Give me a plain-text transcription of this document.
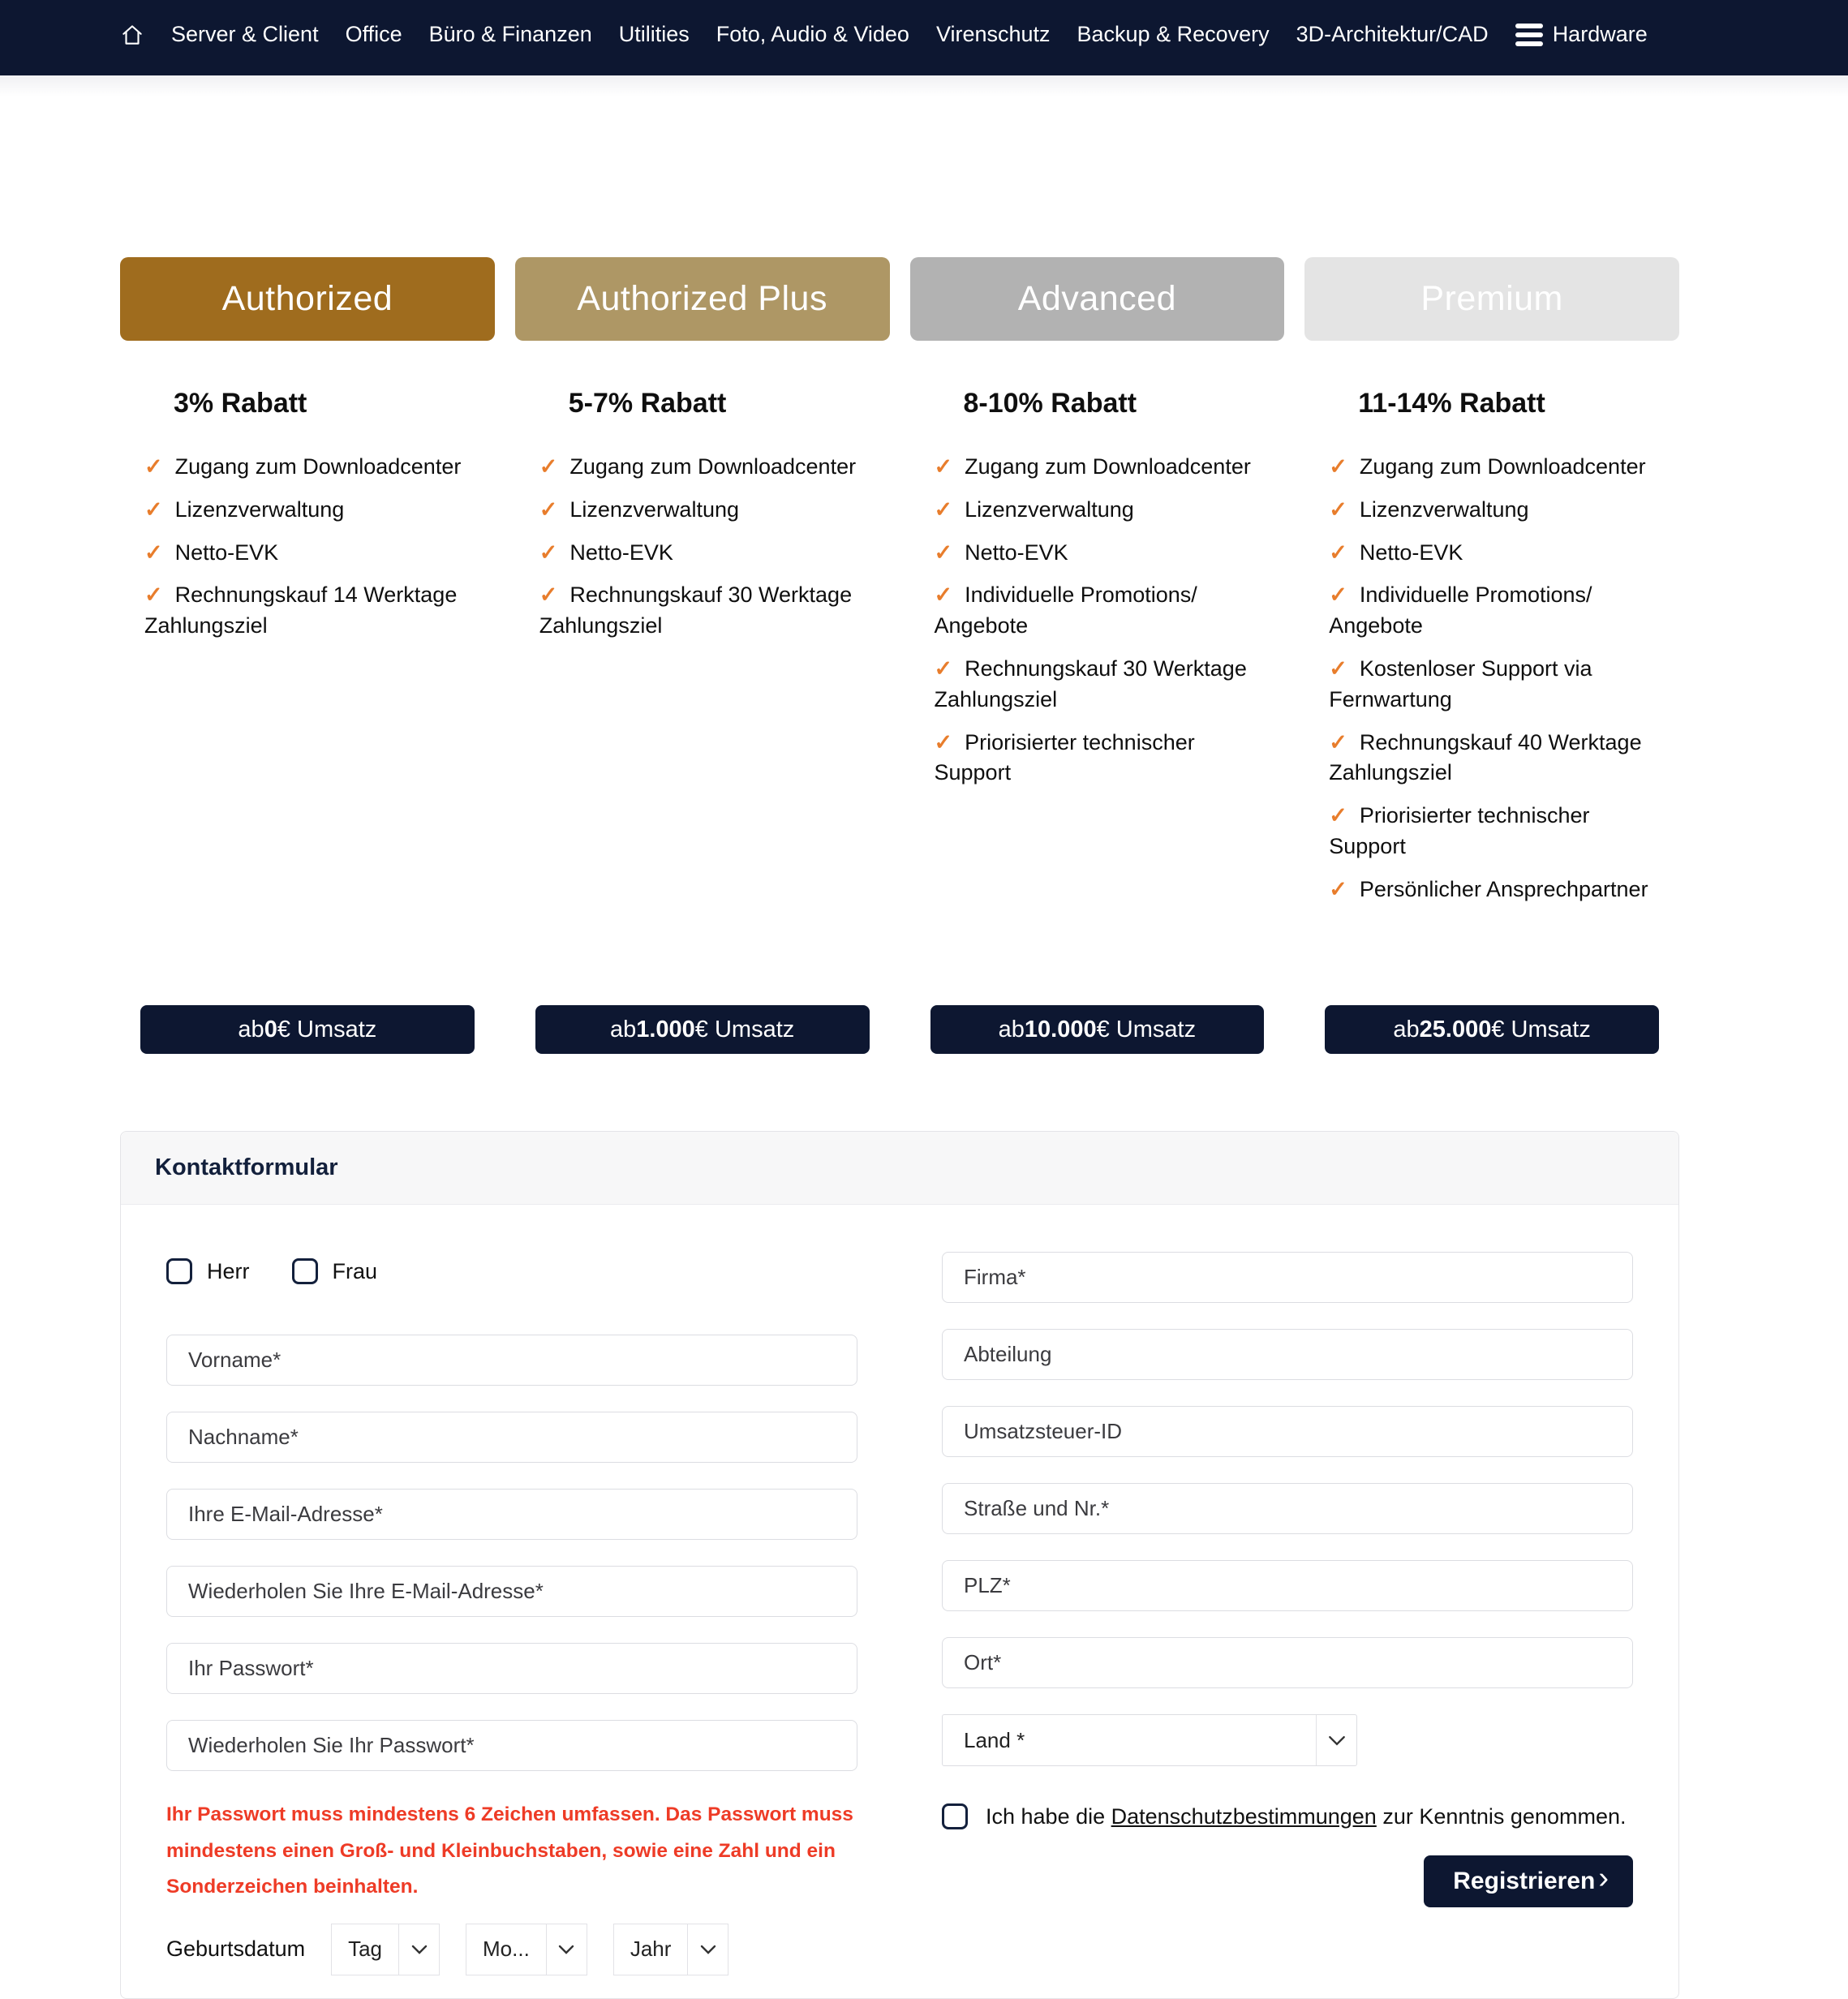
Server & Client Office Büro & Finanzen Utilities Foto, Audio & Video Virenschutz Backup & Recovery 3D-Architektur/CAD	Hardware
Authorized
3% Rabatt
✓ Zugang zum Downloadcenter
✓ Lizenzverwaltung
✓ Netto-EVK
✓ Rechnungskauf 14 Werktage Zahlungsziel
ab 0 € Umsatz
Authorized Plus
5-7% Rabatt
✓ Zugang zum Downloadcenter
✓ Lizenzverwaltung
✓ Netto-EVK
✓ Rechnungskauf 30 Werktage Zahlungsziel
ab 1.000 € Umsatz
Advanced
8-10% Rabatt
✓ Zugang zum Downloadcenter
✓ Lizenzverwaltung
✓ Netto-EVK
✓ Individuelle Promotions/ Angebote
✓ Rechnungskauf 30 Werktage Zahlungsziel
✓ Priorisierter technischer Support
ab 10.000 € Umsatz
Premium
11-14% Rabatt
✓ Zugang zum Downloadcenter
✓ Lizenzverwaltung
✓ Netto-EVK
✓ Individuelle Promotions/ Angebote
✓ Kostenloser Support via Fernwartung
✓ Rechnungskauf 40 Werktage Zahlungsziel
✓ Priorisierter technischer Support
✓ Persönlicher Ansprechpartner
ab 25.000 € Umsatz
Kontaktformular
Herr	Frau
Vorname*
Nachname*
Ihre E-Mail-Adresse*
Wiederholen Sie Ihre E-Mail-Adresse*
Ihr Passwort muss mindestens 6 Zeichen umfassen. Das Passwort muss mindestens einen Groß- und Kleinbuchstaben, sowie eine Zahl und ein Sonderzeichen beinhalten.
Geburtsdatum	Tag	Mo...	Jahr
Firma*
Abteilung
Umsatzsteuer-ID
Straße und Nr.*
PLZ*
Ort*
Land *
Ich habe die Datenschutzbestimmungen zur Kenntnis genommen.
Registrieren ›
